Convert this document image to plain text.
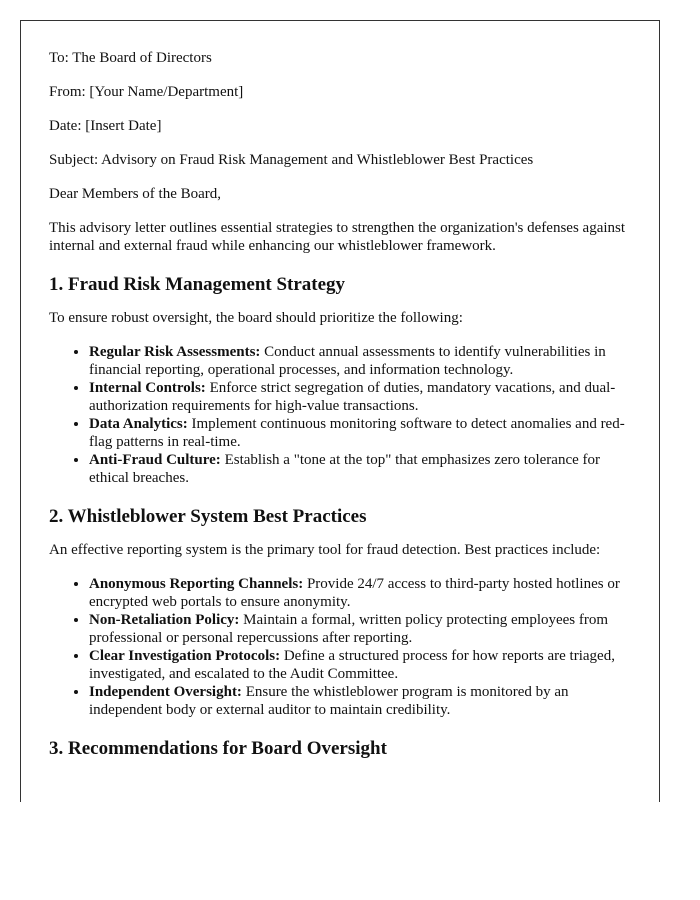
To: The Board of Directors

From: [Your Name/Department]

Date: [Insert Date]

Subject: Advisory on Fraud Risk Management and Whistleblower Best Practices

Dear Members of the Board,

This advisory letter outlines essential strategies to strengthen the organization's defenses against internal and external fraud while enhancing our whistleblower framework.

1. Fraud Risk Management Strategy

To ensure robust oversight, the board should prioritize the following:

• Regular Risk Assessments: Conduct annual assessments to identify vulnerabilities in financial reporting, operational processes, and information technology.
• Internal Controls: Enforce strict segregation of duties, mandatory vacations, and dual-authorization requirements for high-value transactions.
• Data Analytics: Implement continuous monitoring software to detect anomalies and red-flag patterns in real-time.
• Anti-Fraud Culture: Establish a "tone at the top" that emphasizes zero tolerance for ethical breaches.
2. Whistleblower System Best Practices

An effective reporting system is the primary tool for fraud detection. Best practices include:

• Anonymous Reporting Channels: Provide 24/7 access to third-party hosted hotlines or encrypted web portals to ensure anonymity.
• Non-Retaliation Policy: Maintain a formal, written policy protecting employees from professional or personal repercussions after reporting.
• Clear Investigation Protocols: Define a structured process for how reports are triaged, investigated, and escalated to the Audit Committee.
• Independent Oversight: Ensure the whistleblower program is monitored by an independent body or external auditor to maintain credibility.
3. Recommendations for Board Oversight
